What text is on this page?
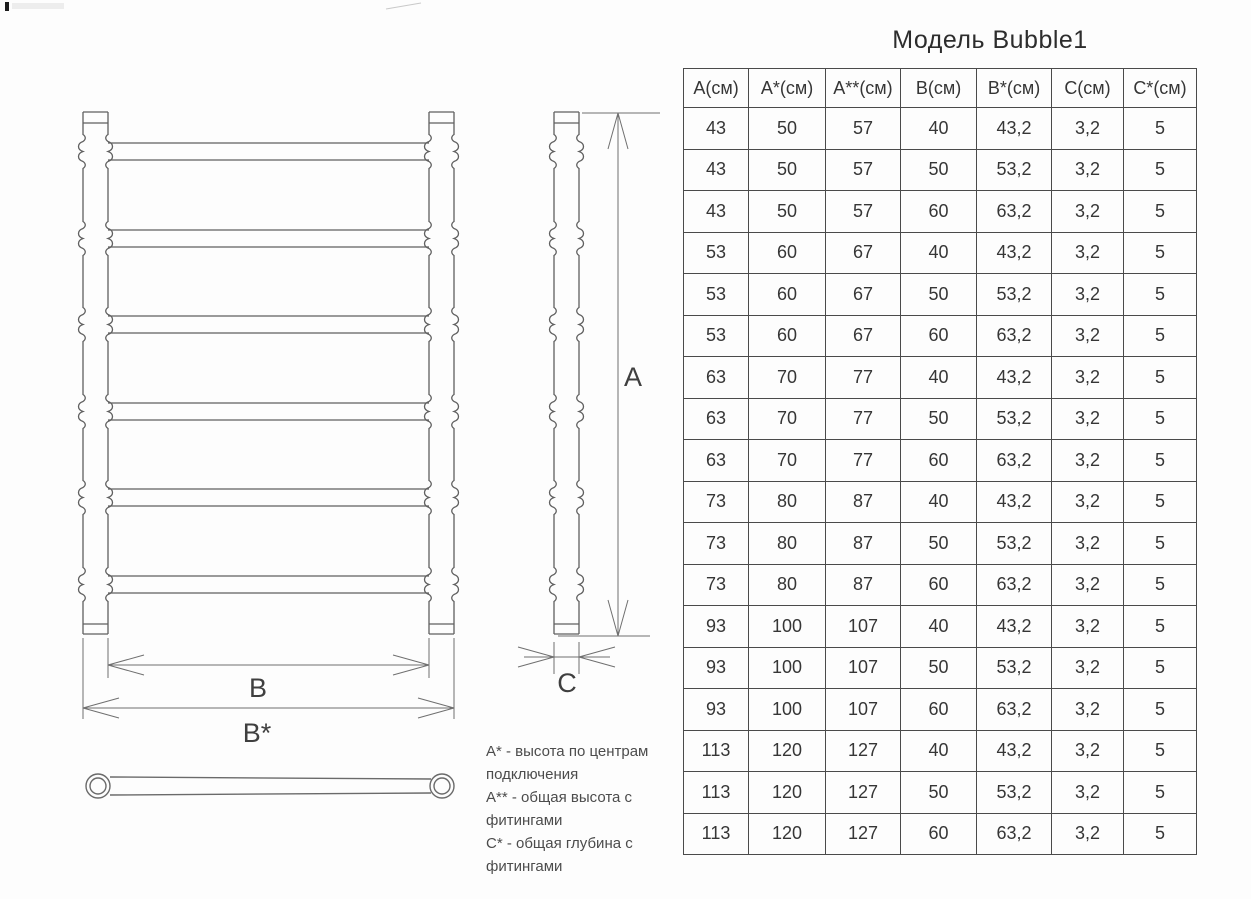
A
B
B*
C
Модель Bubble1
А(см)	А*(см)	А**(см)	В(см)	В*(см)	С(см)	С*(см)
43	50	57	40	43,2	3,2	5
43	50	57	50	53,2	3,2	5
43	50	57	60	63,2	3,2	5
53	60	67	40	43,2	3,2	5
53	60	67	50	53,2	3,2	5
53	60	67	60	63,2	3,2	5
63	70	77	40	43,2	3,2	5
63	70	77	50	53,2	3,2	5
63	70	77	60	63,2	3,2	5
73	80	87	40	43,2	3,2	5
73	80	87	50	53,2	3,2	5
73	80	87	60	63,2	3,2	5
93	100	107	40	43,2	3,2	5
93	100	107	50	53,2	3,2	5
93	100	107	60	63,2	3,2	5
113	120	127	40	43,2	3,2	5
113	120	127	50	53,2	3,2	5
113	120	127	60	63,2	3,2	5

А* - высота по центрам подключения

А** - общая высота с фитингами

С* - общая глубина с фитингами
